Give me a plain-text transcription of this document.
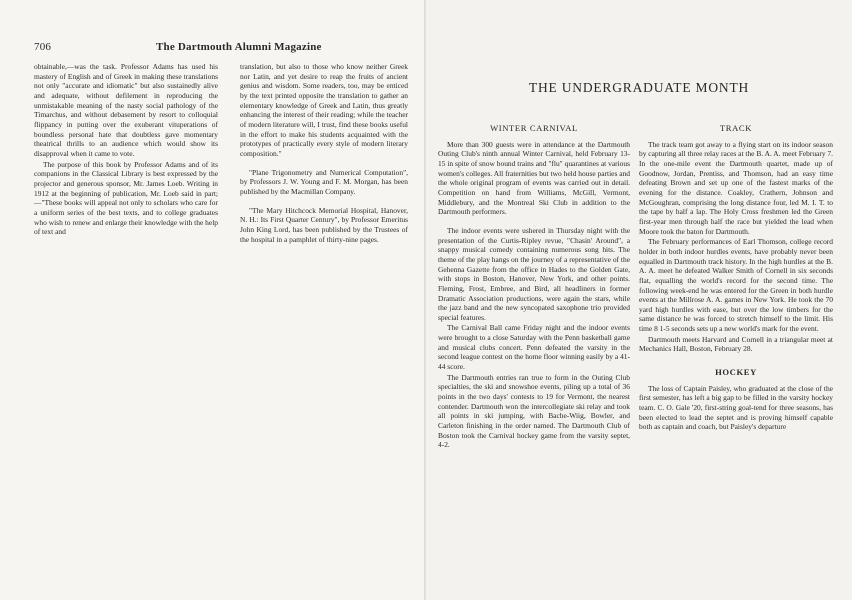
706	The Dartmouth Alumni Magazine

obtainable,—was the task. Professor Adams has used his mastery of English and of Greek in making these translations not only "accurate and idiomatic" but also sustainedly alive and adequate, without defilement in reproducing the unmistakable meaning of the nasty social pathology of the Timarchus, and without debasement by resort to colloquial flippancy in putting over the exuberant vituperations of boundless personal hate that doubtless gave momentary theatrical thrills to an audience which would show its disapproval when it came to vote.

The purpose of this book by Professor Adams and of its companions in the Classical Library is best expressed by the projector and generous sponsor, Mr. James Loeb. Writing in 1912 at the beginning of publication, Mr. Loeb said in part;—"These books will appeal not only to scholars who care for a uniform series of the best texts, and to college graduates who wish to renew and enlarge their knowledge with the help of text and

translation, but also to those who know neither Greek nor Latin, and yet desire to reap the fruits of ancient genius and wisdom. Some readers, too, may be enticed by the text printed opposite the translation to gather an elementary knowledge of Greek and Latin, thus greatly enhancing the interest of their reading; while the teacher of modern literature will, I trust, find these books useful in the effort to make his students acquainted with the prototypes of practically every style of modern literary composition."

"Plane Trigonometry and Numerical Computation", by Professors J. W. Young and F. M. Morgan, has been published by the Macmillan Company.

"The Mary Hitchcock Memorial Hospital, Hanover, N. H.: Its First Quarter Century", by Professor Emeritus John King Lord, has been published by the Trustees of the hospital in a pamphlet of thirty-nine pages.

THE UNDERGRADUATE MONTH
WINTER CARNIVAL

More than 300 guests were in attendance at the Dartmouth Outing Club's ninth annual Winter Carnival, held February 13-15 in spite of snow bound trains and "flu" quarantines at various women's colleges. All fraternities but two held house parties and the whole original program of events was carried out in detail. Competition on hand from Williams, McGill, Vermont, Middlebury, and the Montreal Ski Club in addition to the Dartmouth performers.

The indoor events were ushered in Thursday night with the presentation of the Curtis-Ripley revue, "Chasin' Around", a snappy musical comedy containing numerous song hits. The theme of the play hangs on the journey of a representative of the Gehenna Gazette from the office in Hades to the Golden Gate, with stops in Boston, Hanover, New York, and other points. Fleming, Frost, Embree, and Bird, all headliners in former Dramatic Association productions, were again the stars, while the jazz band and the new syncopated saxophone trio provided special features.

The Carnival Ball came Friday night and the indoor events were brought to a close Saturday with the Penn basketball game and musical clubs concert. Penn defeated the varsity in the second league contest on the home floor winning easily by a 41-44 score.

The Dartmouth entries ran true to form in the Outing Club specialties, the ski and snowshoe events, piling up a total of 36 points in the two days' contests to 19 for Vermont, the nearest contender. Dartmouth won the intercollegiate ski relay and took all points in ski jumping, with Bache-Wiig, Bowler, and Carleton finishing in the order named. The Dartmouth Club of Boston took the Carnival hockey game from the varsity septet, 4-2.

TRACK

The track team got away to a flying start on its indoor season by capturing all three relay races at the B. A. A. meet February 7. In the one-mile event the Dartmouth quartet, made up of Goodnow, Jordan, Prentiss, and Thomson, had an easy time defeating Brown and set up one of the fastest marks of the evening for the distance. Coakley, Crathern, Johnson and McGoughran, comprising the long distance four, led M. I. T. to the tape by half a lap. The Holy Cross freshmen led the Green first-year men through half the race but yielded the lead when Moore took the baton for Dartmouth.

The February performances of Earl Thomson, college record holder in both indoor hurdles events, have probably never been equalled in Dartmouth track history. In the high hurdles at the B. A. A. meet he defeated Walker Smith of Cornell in six seconds flat, equalling the world's record for the second time. The following week-end he was entered for the Green in both hurdle events at the Millrose A. A. games in New York. He took the 70 yard high hurdles with ease, but over the low timbers for the same distance he was forced to stretch himself to the limit. His time 8 1-5 seconds sets up a new world's mark for the event.

Dartmouth meets Harvard and Cornell in a triangular meet at Mechanics Hall, Boston, February 28.

HOCKEY

The loss of Captain Paisley, who graduated at the close of the first semester, has left a big gap to be filled in the varsity hockey team. C. O. Gale '20, first-string goal-tend for three seasons, has been elected to lead the septet and is proving himself capable both as captain and coach, but Paisley's departure
